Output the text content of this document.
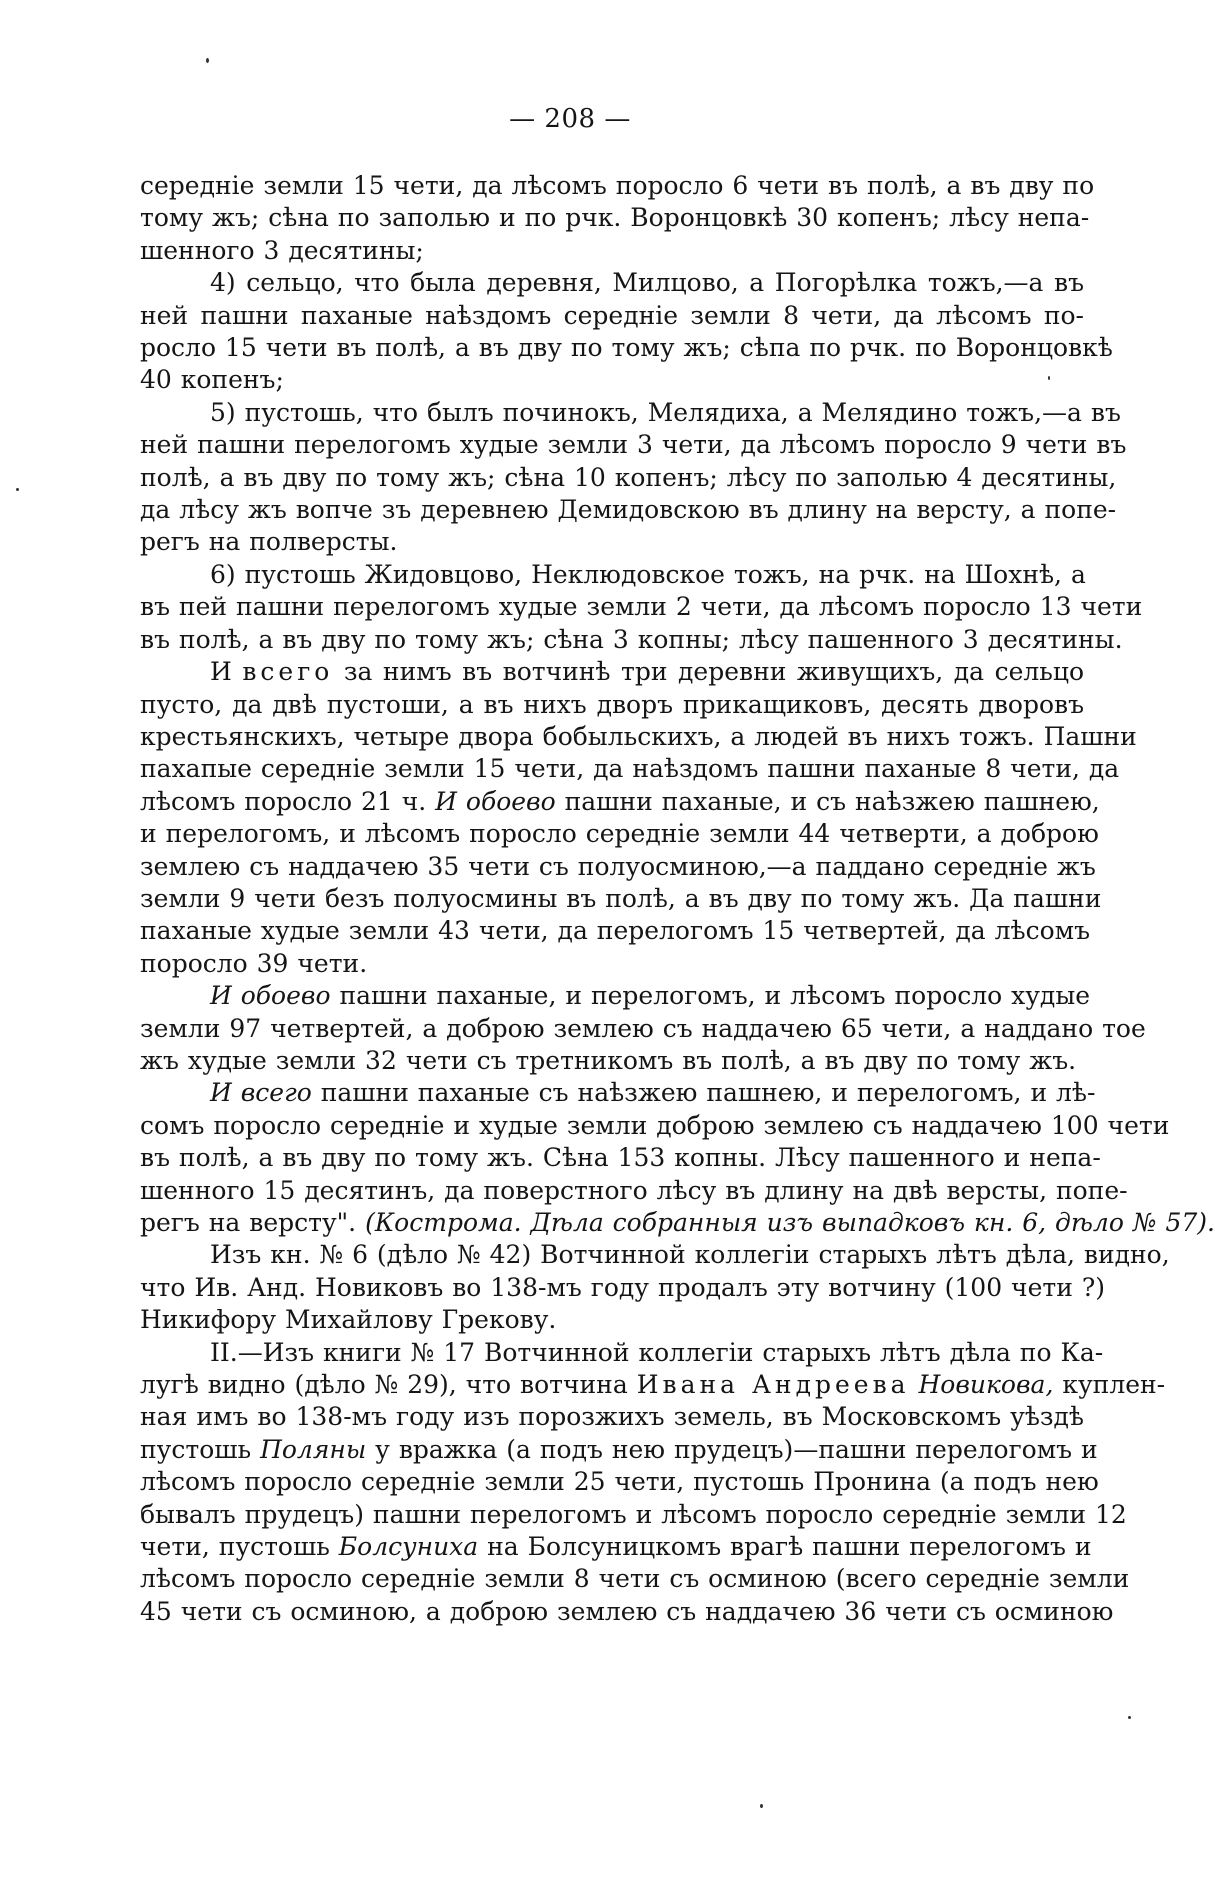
— 208 —

середнiе земли 15 чети, да лѣсомъ поросло 6 чети въ полѣ, а въ дву по
тому жъ; сѣна по заполью и по рчк. Воронцовкѣ 30 копенъ; лѣсу непа-
шенного 3 десятины;

4) сельцо, что была деревня, Милцово, а Погорѣлка тожъ,—а въ
ней пашни паханые наѣздомъ середнiе земли 8 чети, да лѣсомъ по-
росло 15 чети въ полѣ, а въ дву по тому жъ; сѣпа по рчк. по Воронцовкѣ
40 копенъ;

5) пустошь, что былъ починокъ, Мелядиха, а Мелядино тожъ,—а въ
ней пашни перелогомъ худые земли 3 чети, да лѣсомъ поросло 9 чети въ
полѣ, а въ дву по тому жъ; сѣна 10 копенъ; лѣсу по заполью 4 десятины,
да лѣсу жъ вопче зъ деревнею Демидовскою въ длину на версту, а попе-
регъ на полверсты.

6) пустошь Жидовцово, Неклюдовское тожъ, на рчк. на Шохнѣ, а
въ пей пашни перелогомъ худые земли 2 чети, да лѣсомъ поросло 13 чети
въ полѣ, а въ дву по тому жъ; сѣна 3 копны; лѣсу пашенного 3 десятины.

И всего за нимъ въ вотчинѣ три деревни живущихъ, да сельцо
пусто, да двѣ пустоши, а въ нихъ дворъ прикащиковъ, десять дворовъ
крестьянскихъ, четыре двора бобыльскихъ, а людей въ нихъ тожъ. Пашни
пахапые середнiе земли 15 чети, да наѣздомъ пашни паханые 8 чети, да
лѣсомъ поросло 21 ч. И обоево пашни паханые, и съ наѣзжею пашнею,
и перелогомъ, и лѣсомъ поросло середнiе земли 44 четверти, а доброю
землею съ наддачею 35 чети съ полуосминою,—а паддано середнiе жъ
земли 9 чети безъ полуосмины въ полѣ, а въ дву по тому жъ. Да пашни
паханые худые земли 43 чети, да перелогомъ 15 четвертей, да лѣсомъ
поросло 39 чети.

И обоево пашни паханые, и перелогомъ, и лѣсомъ поросло худые
земли 97 четвертей, а доброю землею съ наддачею 65 чети, а наддано тое
жъ худые земли 32 чети съ третникомъ въ полѣ, а въ дву по тому жъ.

И всего пашни паханые съ наѣзжею пашнею, и перелогомъ, и лѣ-
сомъ поросло середнiе и худые земли доброю землею съ наддачею 100 чети
въ полѣ, а въ дву по тому жъ. Сѣна 153 копны. Лѣсу пашенного и непа-
шенного 15 десятинъ, да поверстного лѣсу въ длину на двѣ версты, попе-
регъ на версту". (Кострома. Дѣла собранныя изъ выпадковъ кн. 6, дѣло № 57).

Изъ кн. № 6 (дѣло № 42) Вотчинной коллегiи старыхъ лѣтъ дѣла, видно,
что Ив. Анд. Новиковъ во 138-мъ году продалъ эту вотчину (100 чети ?)
Никифору Михайлову Грекову.

II.—Изъ книги № 17 Вотчинной коллегiи старыхъ лѣтъ дѣла по Ка-
лугѣ видно (дѣло № 29), что вотчина Ивана Андреева Новикова, куплен-
ная имъ во 138-мъ году изъ порозжихъ земель, въ Московскомъ уѣздѣ
пустошь Поляны у вражка (а подъ нею прудецъ)—пашни перелогомъ и
лѣсомъ поросло середнiе земли 25 чети, пустошь Пронина (а подъ нею
бывалъ прудецъ) пашни перелогомъ и лѣсомъ поросло середнiе земли 12
чети, пустошь Болсуниха на Болсуницкомъ врагѣ пашни перелогомъ и
лѣсомъ поросло середнiе земли 8 чети съ осминою (всего середнiе земли
45 чети съ осминою, а доброю землею съ наддачею 36 чети съ осминою
